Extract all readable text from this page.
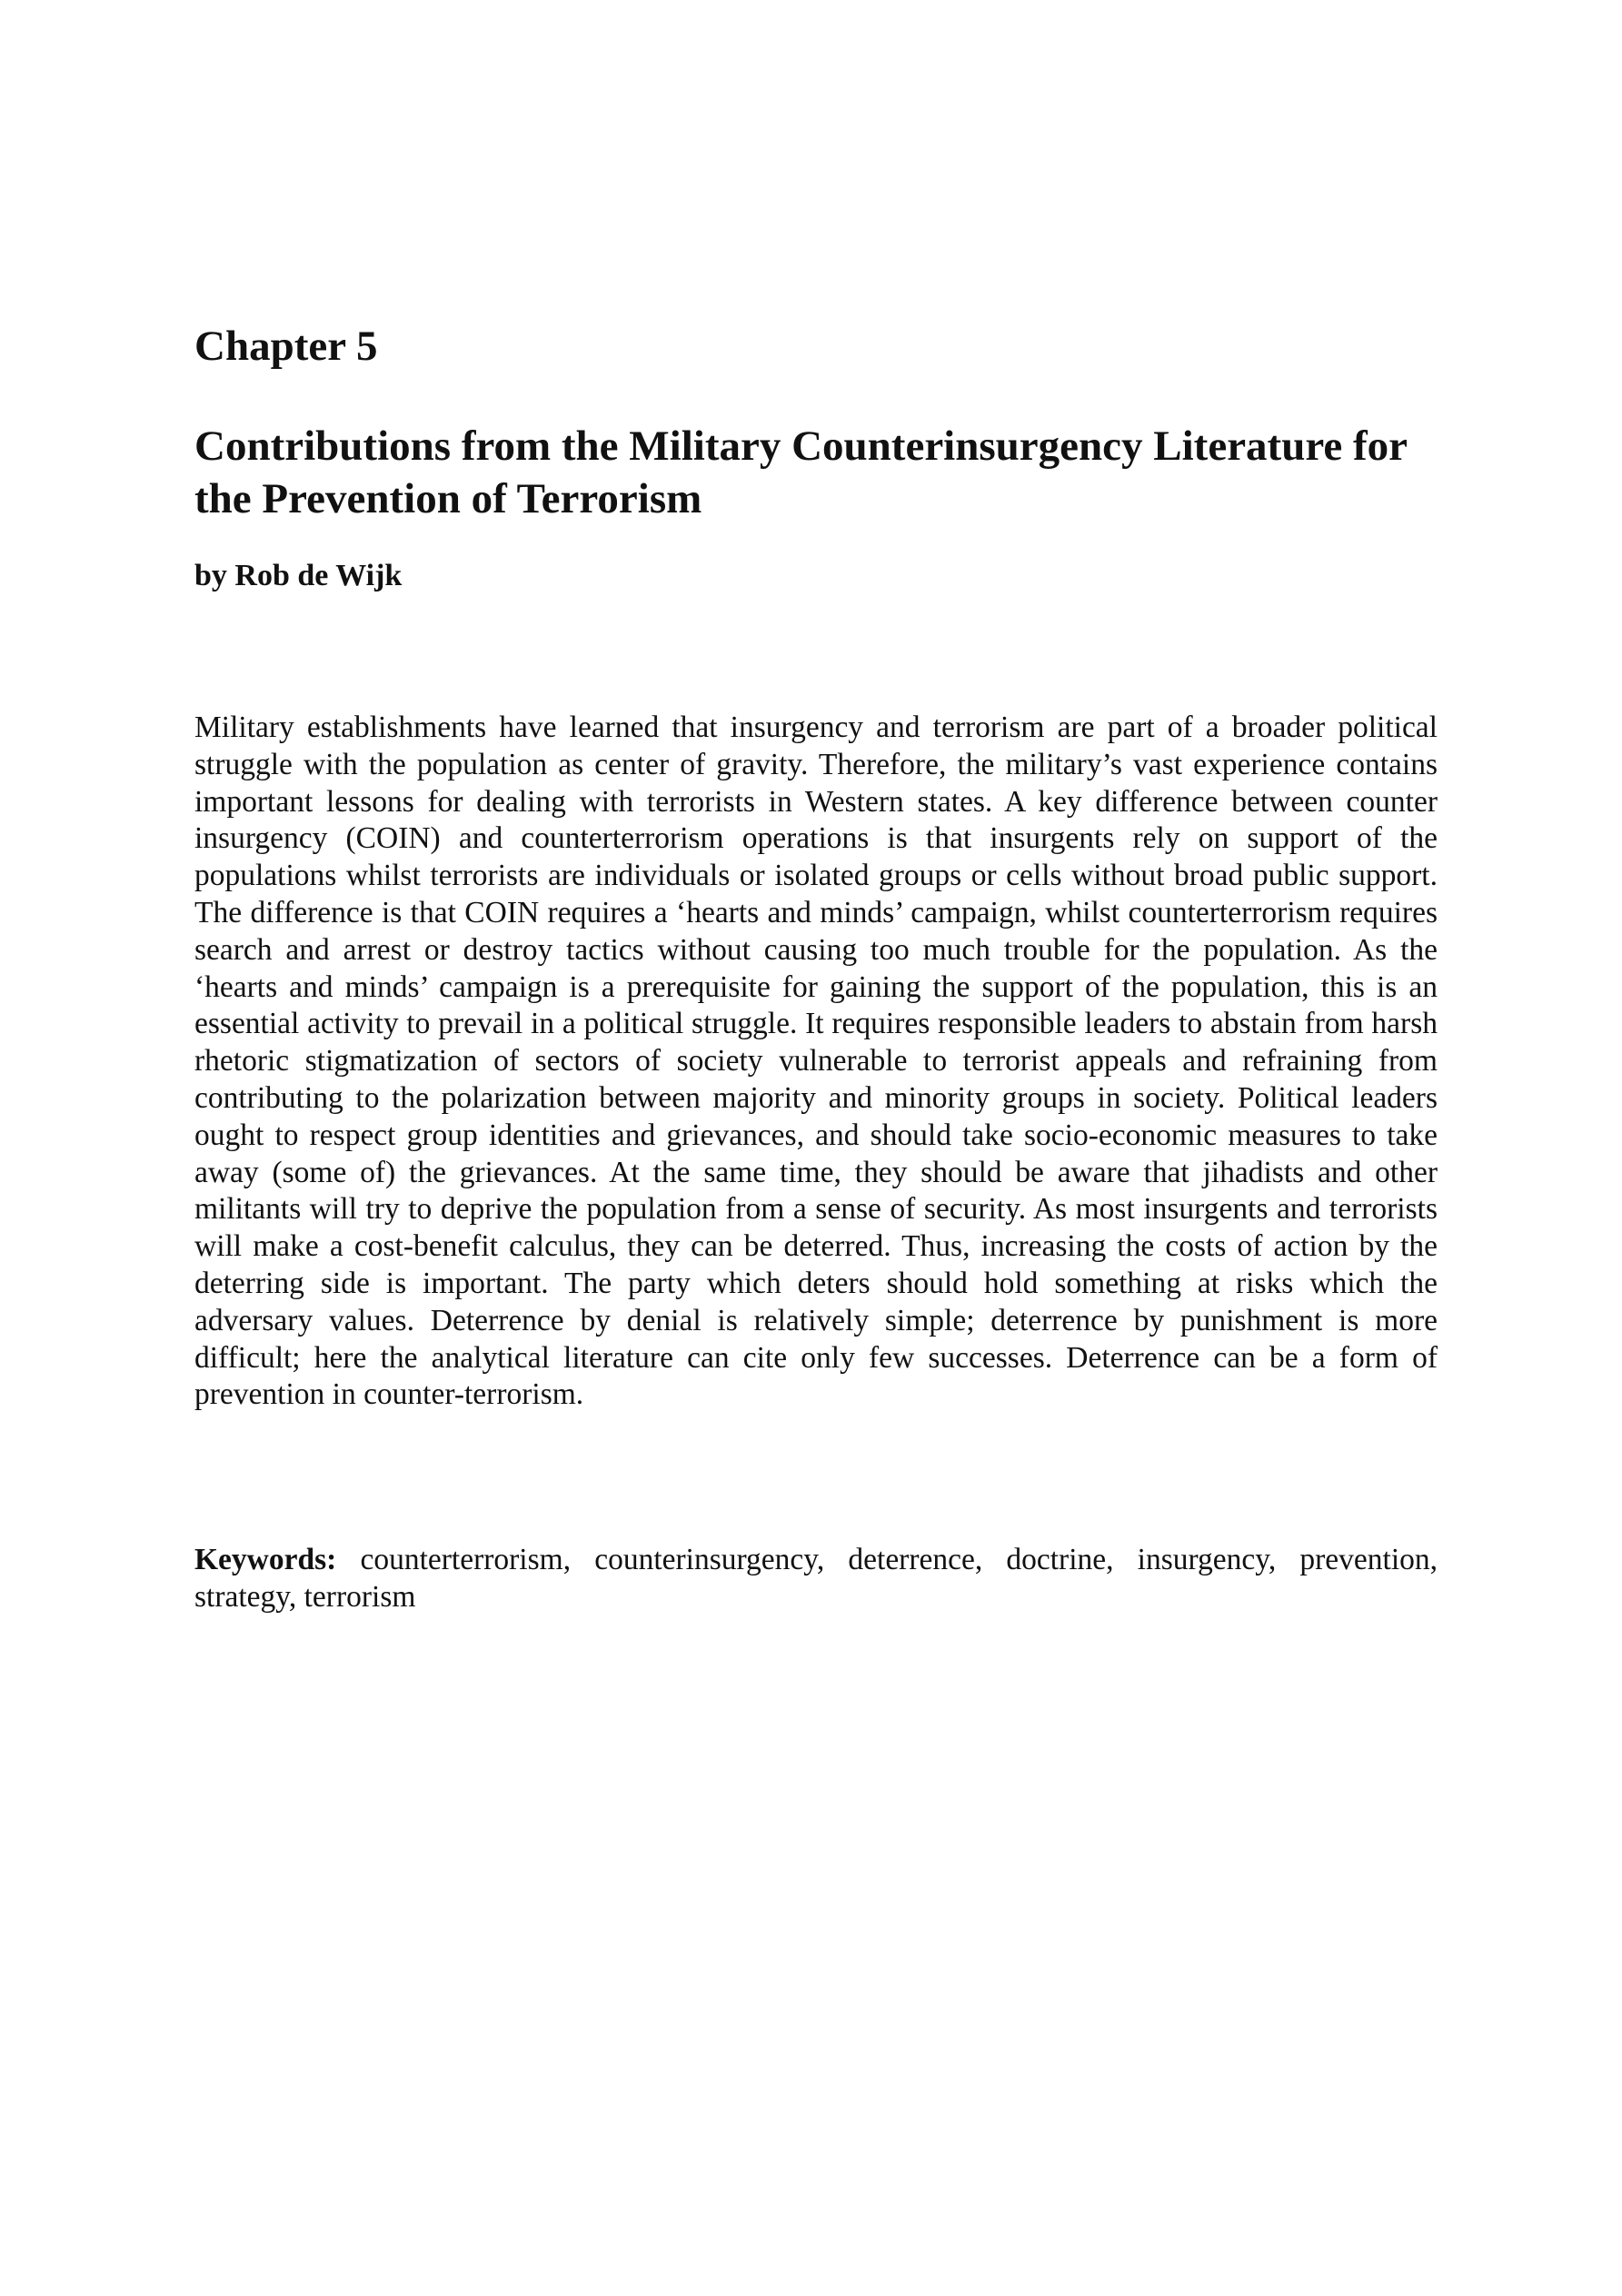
Chapter 5
Contributions from the Military Counterinsurgency Literature for the Prevention of Terrorism

by Rob de Wijk

Military establishments have learned that insurgency and terrorism are part of a broader political struggle with the population as center of gravity. Therefore, the military’s vast experience contains important lessons for dealing with terrorists in Western states. A key difference between counter insurgency (COIN) and counterterrorism operations is that insurgents rely on support of the populations whilst terrorists are individuals or isolated groups or cells without broad public support. The difference is that COIN requires a ‘hearts and minds’ campaign, whilst counterterrorism requires search and arrest or destroy tactics without causing too much trouble for the population. As the ‘hearts and minds’ campaign is a prerequisite for gaining the support of the population, this is an essential activity to prevail in a political struggle. It requires responsible leaders to abstain from harsh rhetoric stigmatization of sectors of society vulnerable to terrorist appeals and refraining from contributing to the polarization between majority and minority groups in society. Political leaders ought to respect group identities and grievances, and should take socio-economic measures to take away (some of) the grievances. At the same time, they should be aware that jihadists and other militants will try to deprive the population from a sense of security. As most insurgents and terrorists will make a cost-benefit calculus, they can be deterred. Thus, increasing the costs of action by the deterring side is important. The party which deters should hold something at risks which the adversary values. Deterrence by denial is relatively simple; deterrence by punishment is more difficult; here the analytical literature can cite only few successes. Deterrence can be a form of prevention in counter-terrorism.

Keywords: counterterrorism, counterinsurgency, deterrence, doctrine, insurgency, prevention, strategy, terrorism
